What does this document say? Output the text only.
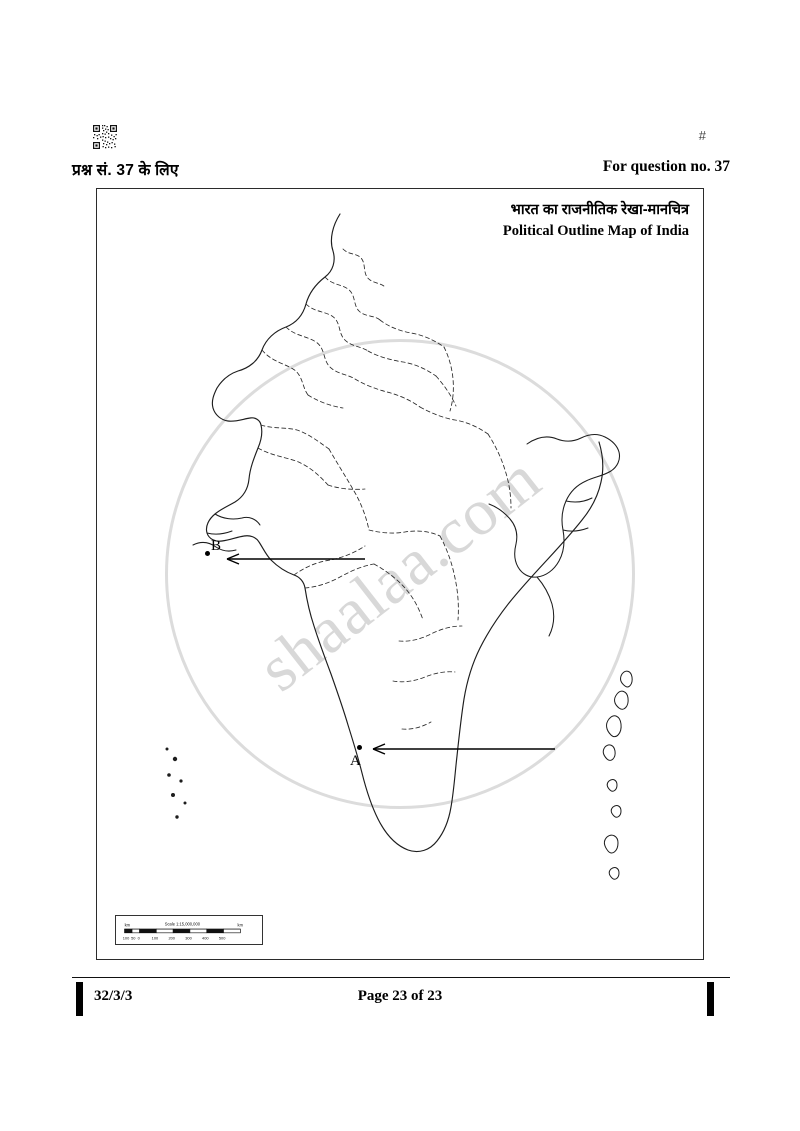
#
प्रश्न सं. 37 के लिए	For question no. 37
shaalaa.com
A
B
भारत का राजनीतिक रेखा-मानचित्र
Political Outline Map of India
km	Scale 1:15,000,000	km
100 50 0	100 200 300 400 500
32/3/3	Page 23 of 23
